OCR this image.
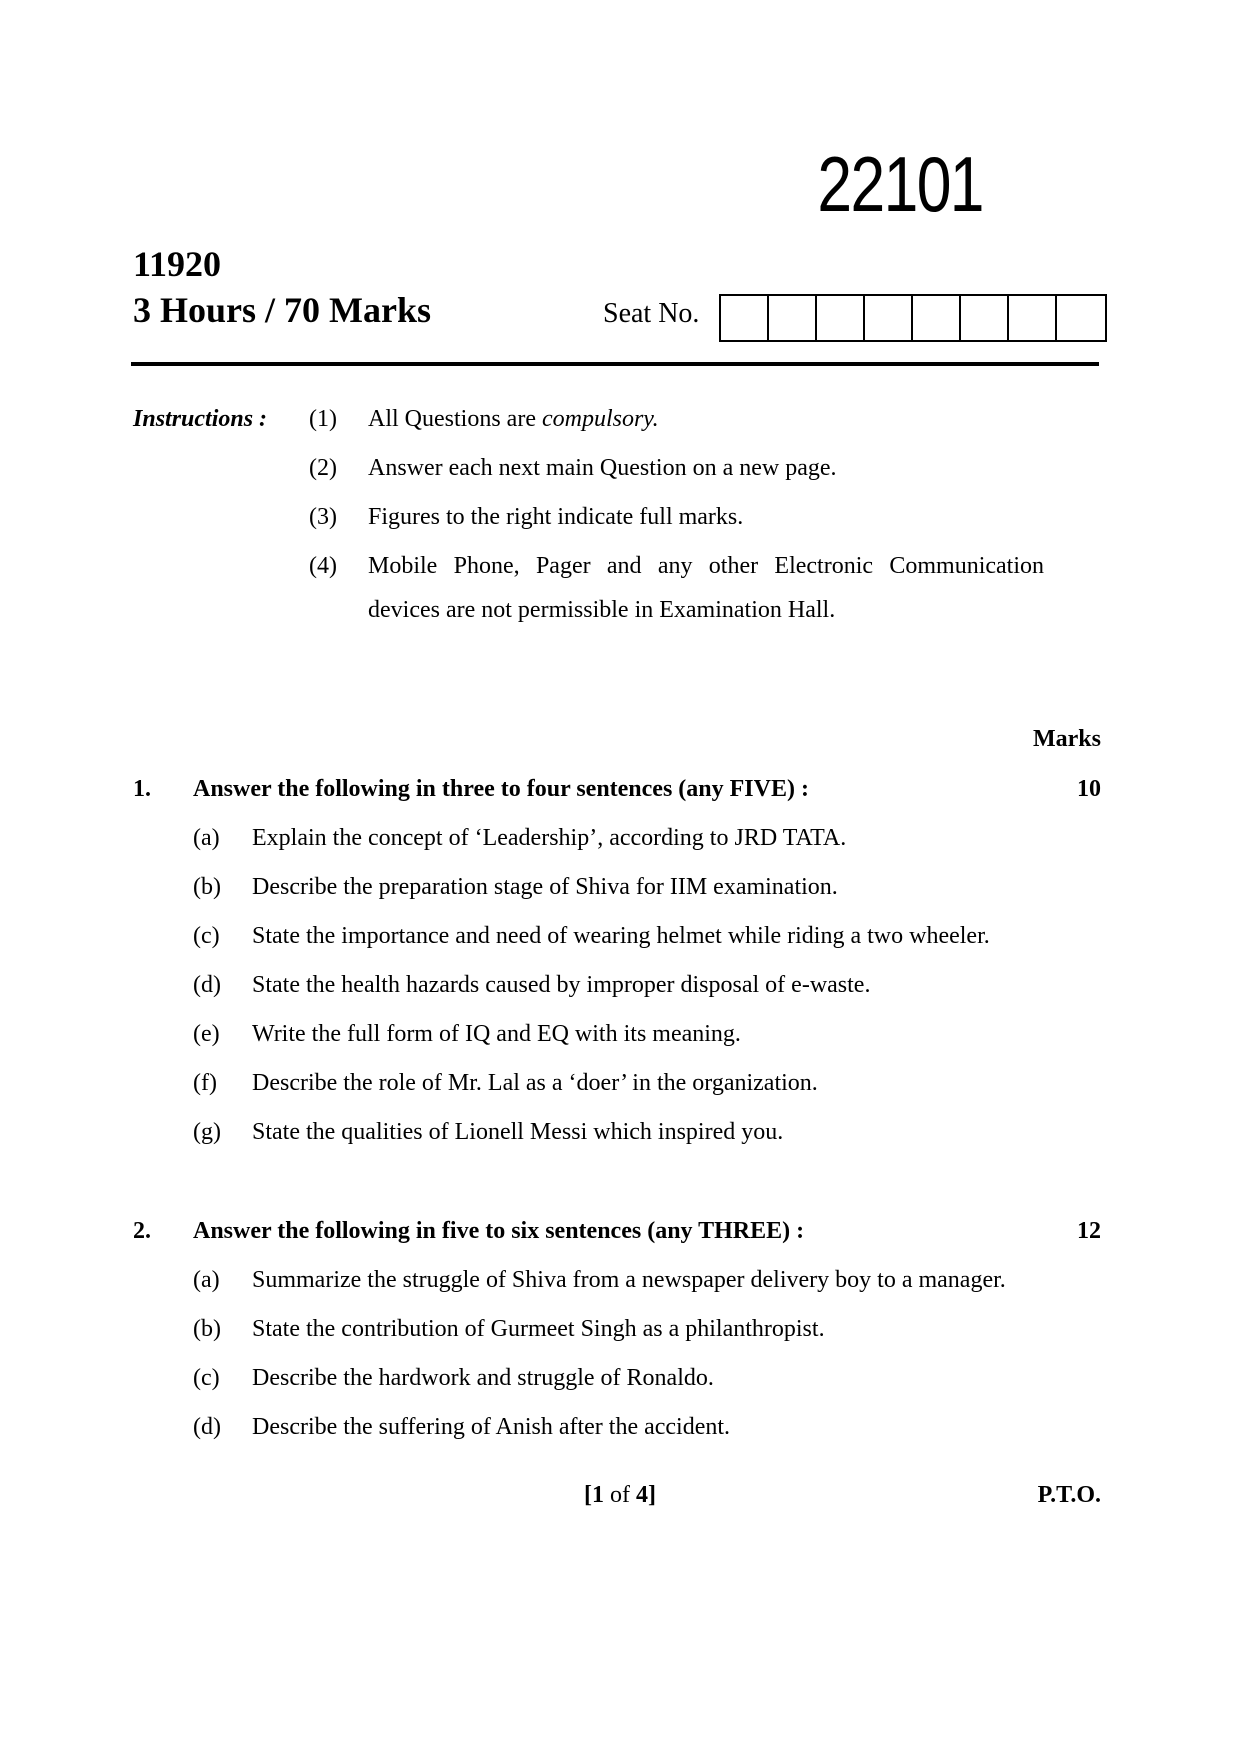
22101
11920
3 Hours / 70 Marks	Seat No.
Instructions : (1) All Questions are compulsory.
(2) Answer each next main Question on a new page.
(3) Figures to the right indicate full marks.
(4) Mobile Phone, Pager and any other Electronic Communication
devices are not permissible in Examination Hall.
Marks
1. Answer the following in three to four sentences (any FIVE) :	10
(a) Explain the concept of ‘Leadership’, according to JRD TATA.
(b) Describe the preparation stage of Shiva for IIM examination.
(c) State the importance and need of wearing helmet while riding a two wheeler.
(d) State the health hazards caused by improper disposal of e-waste.
(e) Write the full form of IQ and EQ with its meaning.
(f) Describe the role of Mr. Lal as a ‘doer’ in the organization.
(g) State the qualities of Lionell Messi which inspired you.
2. Answer the following in five to six sentences (any THREE) :	12
(a) Summarize the struggle of Shiva from a newspaper delivery boy to a manager.
(b) State the contribution of Gurmeet Singh as a philanthropist.
(c) Describe the hardwork and struggle of Ronaldo.
(d) Describe the suffering of Anish after the accident.
[1 of 4]	P.T.O.
